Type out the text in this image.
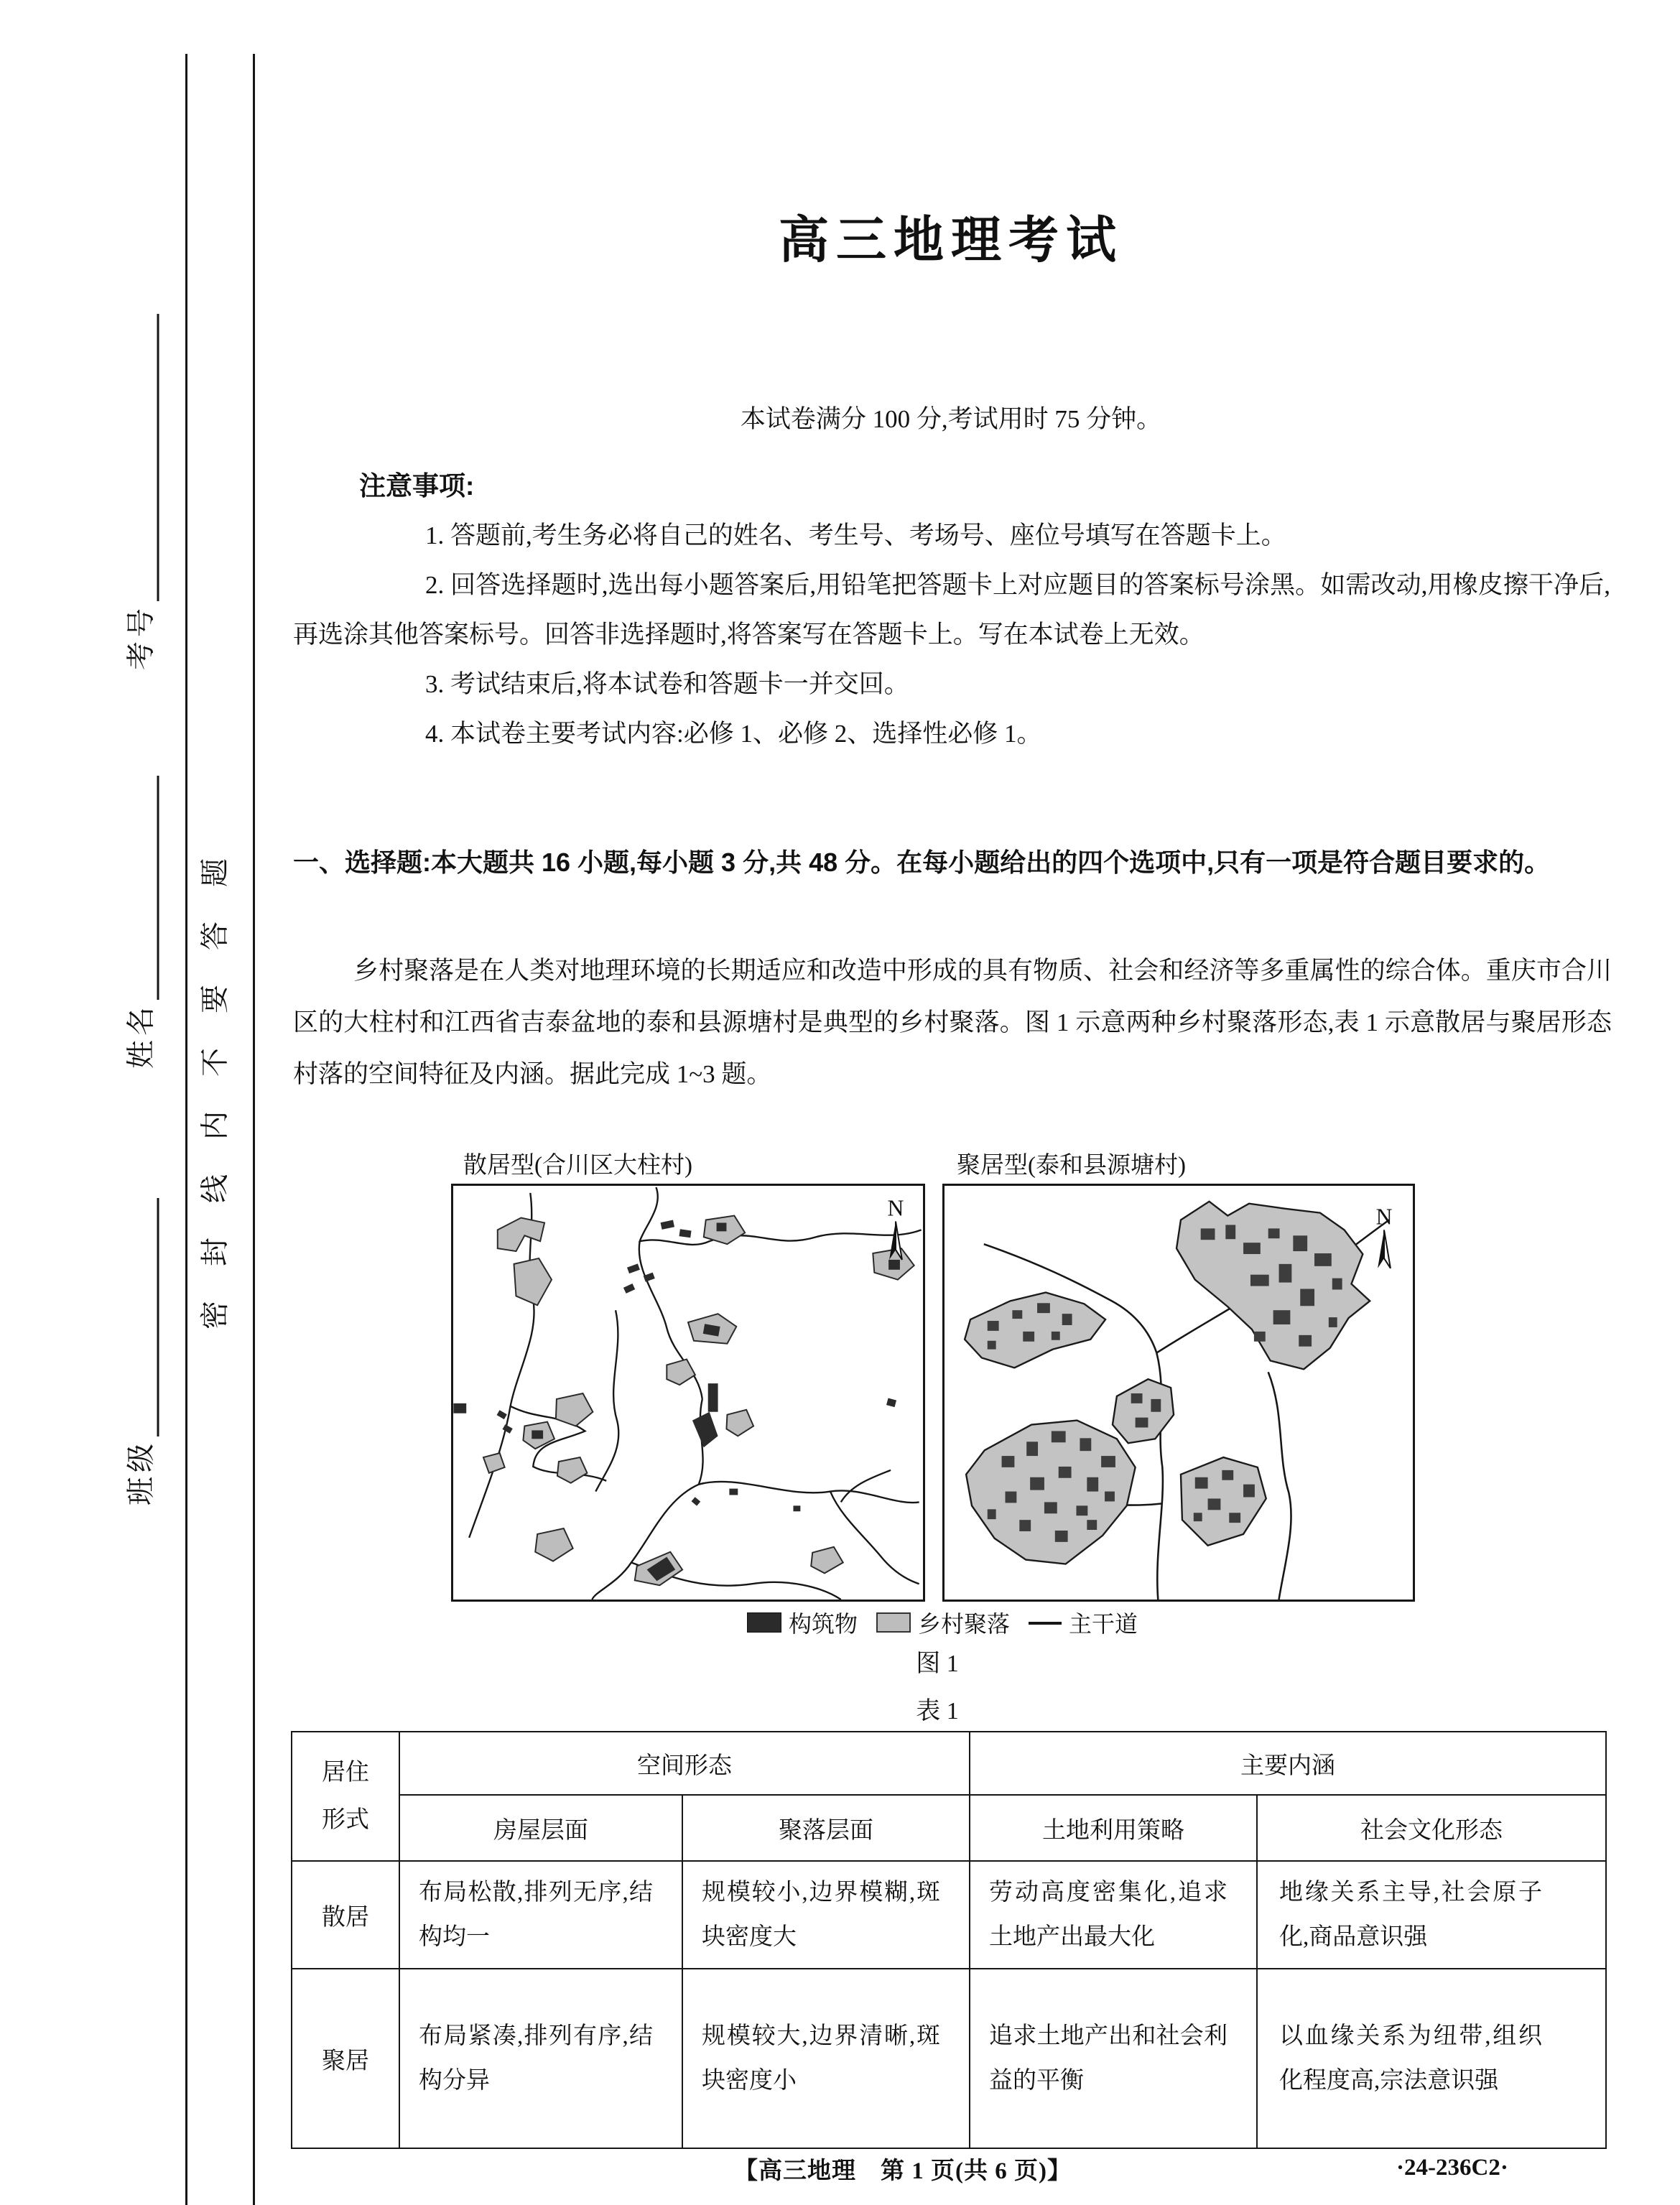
考号
姓名
班级
题
答
要
不
内
线
封
密
高三地理考试
本试卷满分 100 分,考试用时 75 分钟。
注意事项:
1. 答题前,考生务必将自己的姓名、考生号、考场号、座位号填写在答题卡上。
2. 回答选择题时,选出每小题答案后,用铅笔把答题卡上对应题目的答案标号涂黑。如需改动,用橡皮擦干净后,再选涂其他答案标号。回答非选择题时,将答案写在答题卡上。写在本试卷上无效。
3. 考试结束后,将本试卷和答题卡一并交回。
4. 本试卷主要考试内容:必修 1、必修 2、选择性必修 1。
一、选择题:本大题共 16 小题,每小题 3 分,共 48 分。在每小题给出的四个选项中,只有一项是符合题目要求的。
乡村聚落是在人类对地理环境的长期适应和改造中形成的具有物质、社会和经济等多重属性的综合体。重庆市合川区的大柱村和江西省吉泰盆地的泰和县源塘村是典型的乡村聚落。图 1 示意两种乡村聚落形态,表 1 示意散居与聚居形态村落的空间特征及内涵。据此完成 1~3 题。
散居型(合川区大柱村)	聚居型(泰和县源塘村)
N	N
构筑物	乡村聚落	主干道
图 1
表 1
居住形式	空间形态		主要内涵	
	房屋层面	聚落层面	土地利用策略	社会文化形态
散居	布局松散,排列无序,结构均一	规模较小,边界模糊,斑块密度大	劳动高度密集化,追求土地产出最大化	地缘关系主导,社会原子化,商品意识强
聚居	布局紧凑,排列有序,结构分异	规模较大,边界清晰,斑块密度小	追求土地产出和社会利益的平衡	以血缘关系为纽带,组织化程度高,宗法意识强
【高三地理　第 1 页(共 6 页)】	·24-236C2·
